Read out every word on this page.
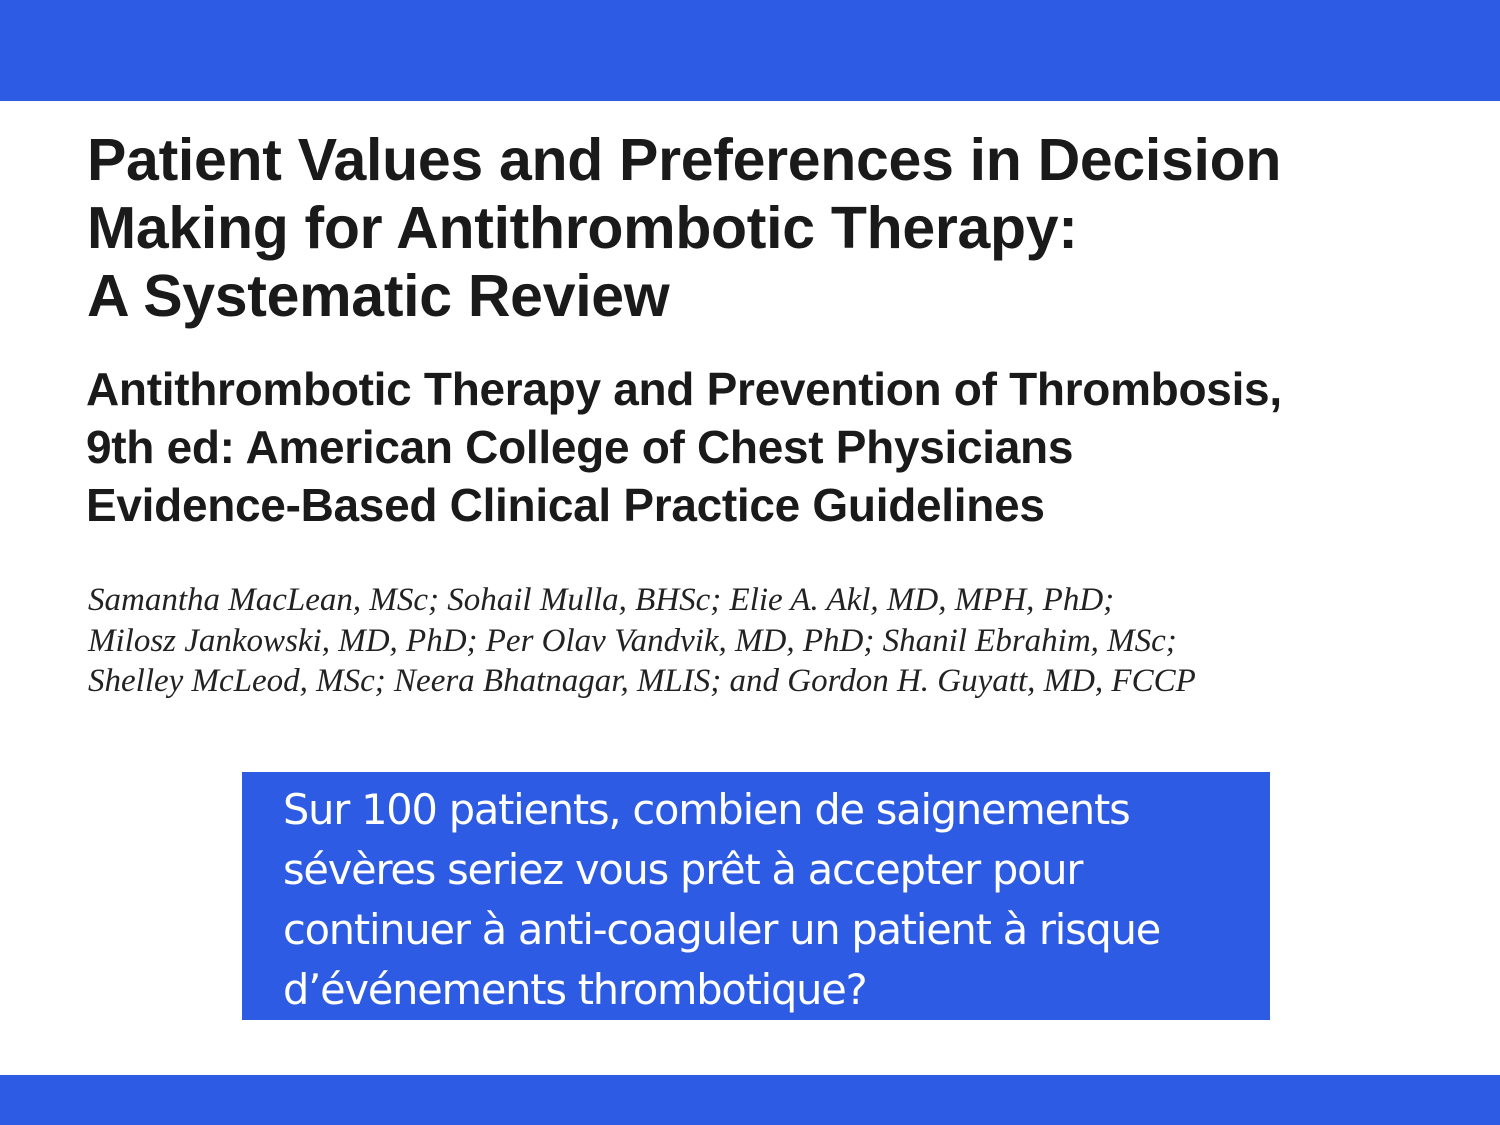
Patient Values and Preferences in Decision
Making for Antithrombotic Therapy:
A Systematic Review
Antithrombotic Therapy and Prevention of Thrombosis,
9th ed: American College of Chest Physicians
Evidence-Based Clinical Practice Guidelines

Samantha MacLean, MSc; Sohail Mulla, BHSc; Elie A. Akl, MD, MPH, PhD;
Milosz Jankowski, MD, PhD; Per Olav Vandvik, MD, PhD; Shanil Ebrahim, MSc;
Shelley McLeod, MSc; Neera Bhatnagar, MLIS; and Gordon H. Guyatt, MD, FCCP

Sur 100 patients, combien de saignements
sévères seriez vous prêt à accepter pour
continuer à anti-coaguler un patient à risque
d’événements thrombotique?
